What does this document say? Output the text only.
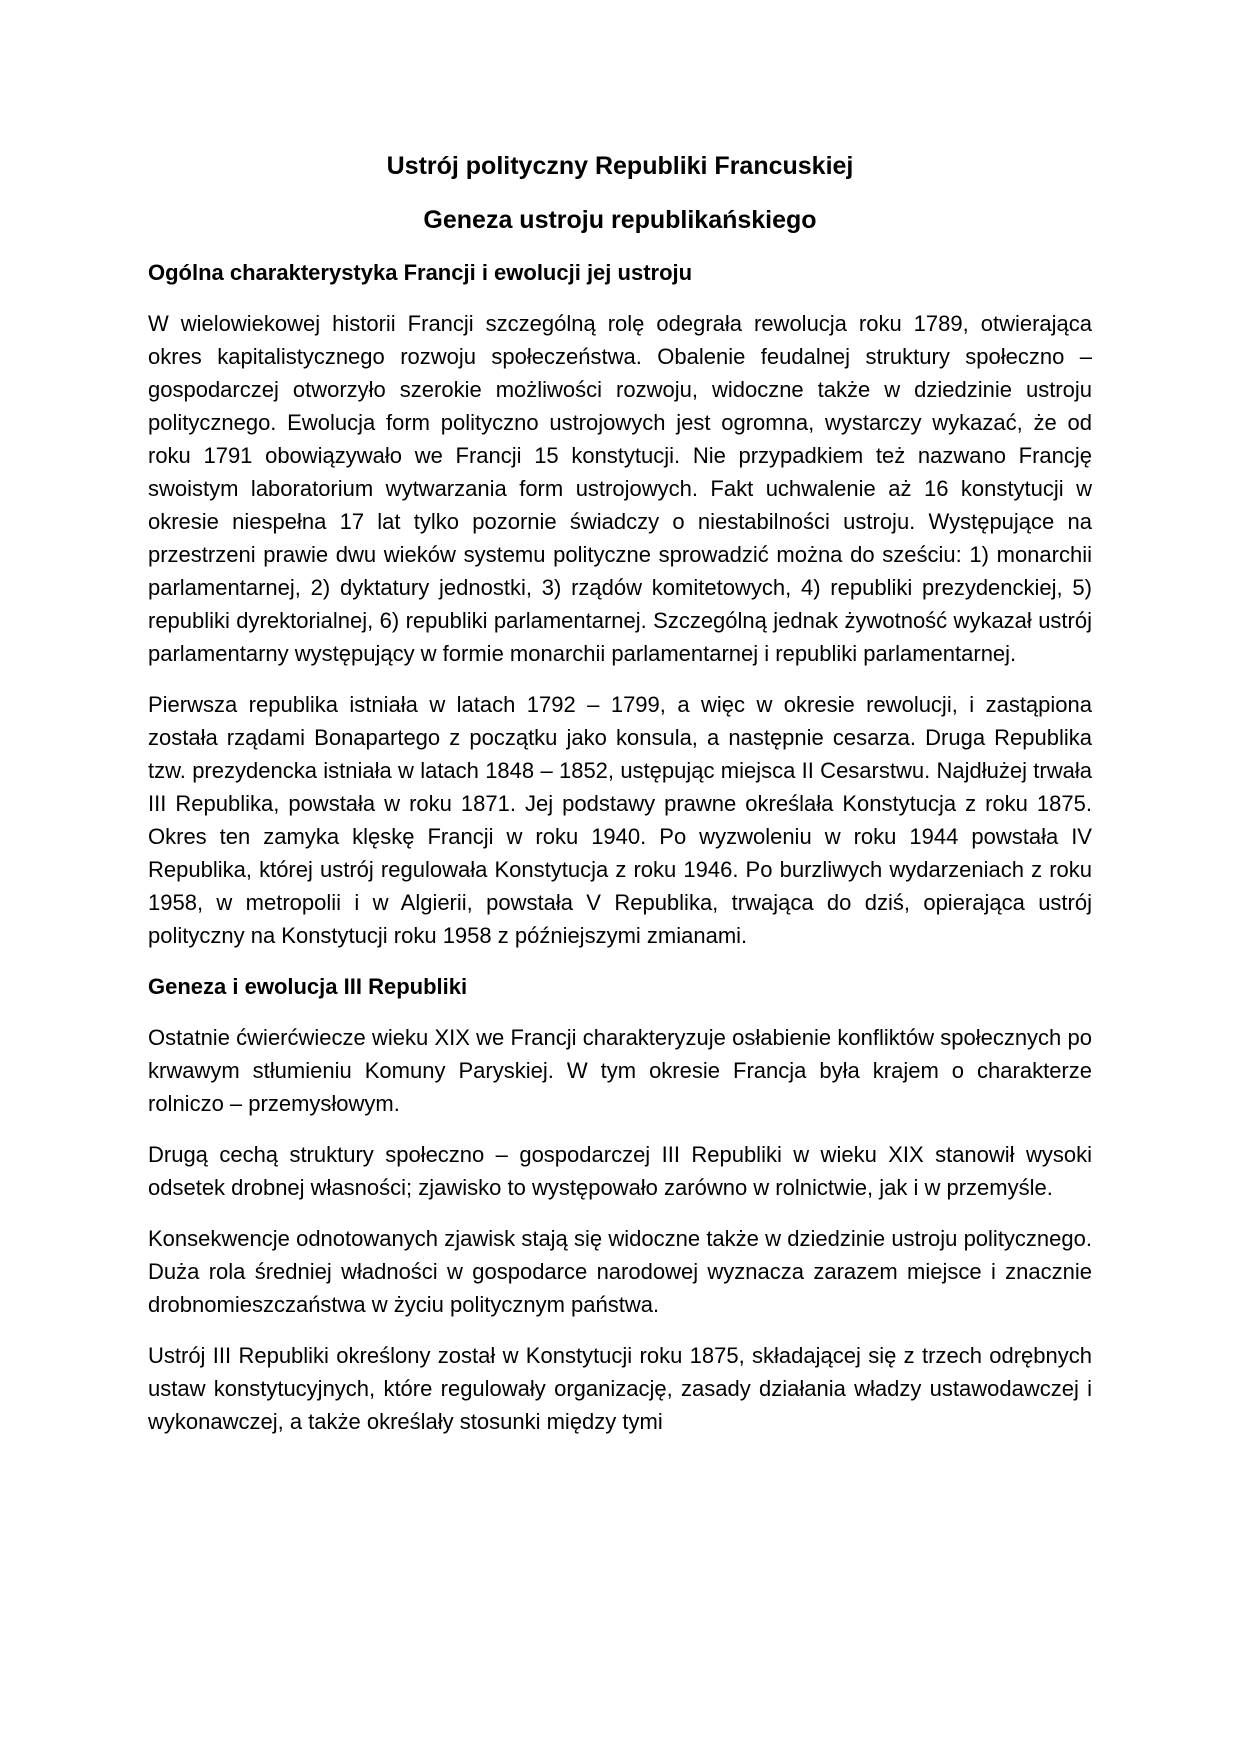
Ustrój polityczny Republiki Francuskiej
Geneza ustroju republikańskiego
Ogólna charakterystyka Francji i ewolucji jej ustroju

W wielowiekowej historii Francji szczególną rolę odegrała rewolucja roku 1789, otwierająca okres kapitalistycznego rozwoju społeczeństwa. Obalenie feudalnej struktury społeczno – gospodarczej otworzyło szerokie możliwości rozwoju, widoczne także w dziedzinie ustroju politycznego. Ewolucja form polityczno ustrojowych jest ogromna, wystarczy wykazać, że od roku 1791 obowiązywało we Francji 15 konstytucji. Nie przypadkiem też nazwano Francję swoistym laboratorium wytwarzania form ustrojowych. Fakt uchwalenie aż 16 konstytucji w okresie niespełna 17 lat tylko pozornie świadczy o niestabilności ustroju. Występujące na przestrzeni prawie dwu wieków systemu polityczne sprowadzić można do sześciu: 1) monarchii parlamentarnej, 2) dyktatury jednostki, 3) rządów komitetowych, 4) republiki prezydenckiej, 5) republiki dyrektorialnej, 6) republiki parlamentarnej. Szczególną jednak żywotność wykazał ustrój parlamentarny występujący w formie monarchii parlamentarnej i republiki parlamentarnej.

Pierwsza republika istniała w latach 1792 – 1799, a więc w okresie rewolucji, i zastąpiona została rządami Bonapartego z początku jako konsula, a następnie cesarza. Druga Republika tzw. prezydencka istniała w latach 1848 – 1852, ustępując miejsca II Cesarstwu. Najdłużej trwała III Republika, powstała w roku 1871. Jej podstawy prawne określała Konstytucja z roku 1875. Okres ten zamyka klęskę Francji w roku 1940. Po wyzwoleniu w roku 1944 powstała IV Republika, której ustrój regulowała Konstytucja z roku 1946. Po burzliwych wydarzeniach z roku 1958, w metropolii i w Algierii, powstała V Republika, trwająca do dziś, opierająca ustrój polityczny na Konstytucji roku 1958 z późniejszymi zmianami.

Geneza i ewolucja III Republiki

Ostatnie ćwierćwiecze wieku XIX we Francji charakteryzuje osłabienie konfliktów społecznych po krwawym stłumieniu Komuny Paryskiej. W tym okresie Francja była krajem o charakterze rolniczo – przemysłowym.

Drugą cechą struktury społeczno – gospodarczej III Republiki w wieku XIX stanowił wysoki odsetek drobnej własności; zjawisko to występowało zarówno w rolnictwie, jak i w przemyśle.

Konsekwencje odnotowanych zjawisk stają się widoczne także w dziedzinie ustroju politycznego. Duża rola średniej władności w gospodarce narodowej wyznacza zarazem miejsce i znacznie drobnomieszczaństwa w życiu politycznym państwa.

Ustrój III Republiki określony został w Konstytucji roku 1875, składającej się z trzech odrębnych ustaw konstytucyjnych, które regulowały organizację, zasady działania władzy ustawodawczej i wykonawczej, a także określały stosunki między tymi
